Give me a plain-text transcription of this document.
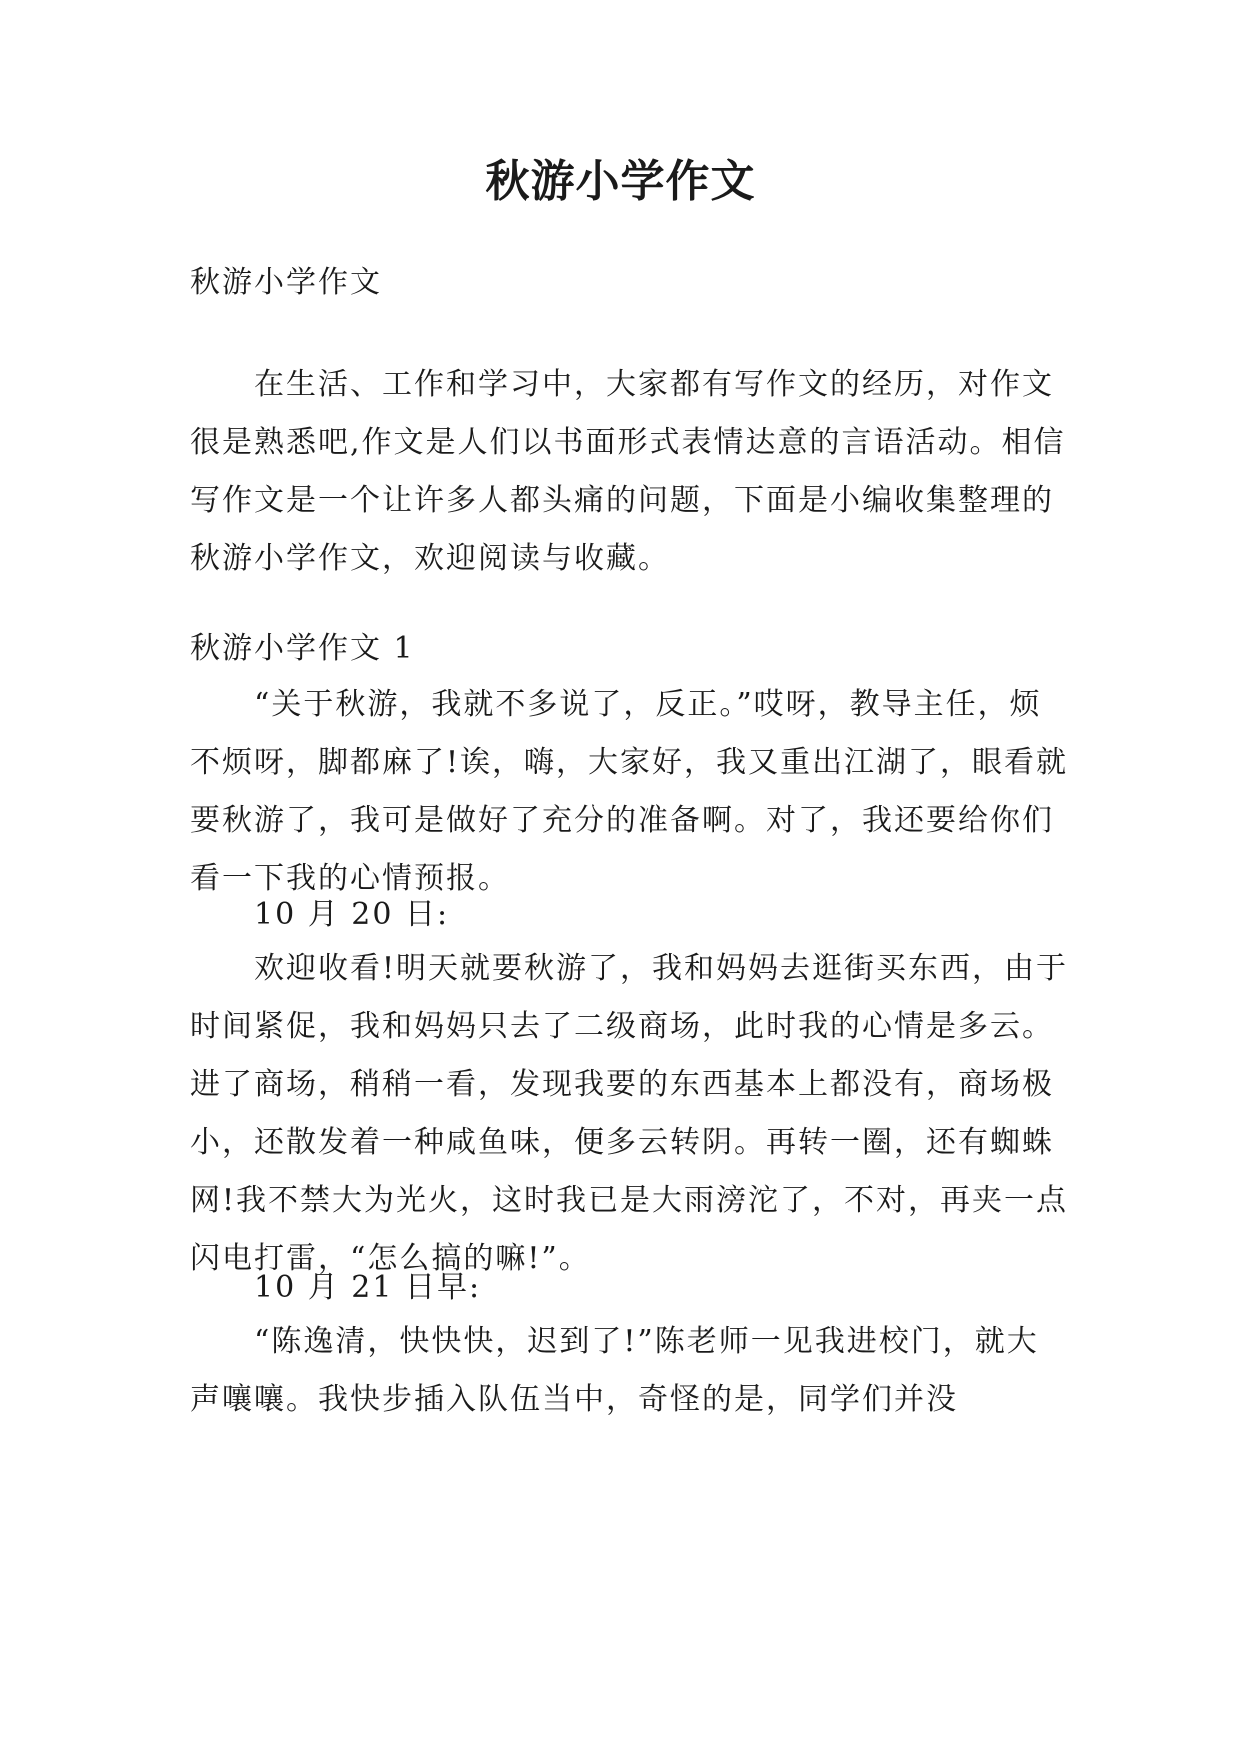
秋游小学作文
秋游小学作文

在生活、工作和学习中，大家都有写作文的经历，对作文很是熟悉吧,作文是人们以书面形式表情达意的言语活动。相信写作文是一个让许多人都头痛的问题，下面是小编收集整理的秋游小学作文，欢迎阅读与收藏。

秋游小学作文 1

“关于秋游，我就不多说了，反正。”哎呀，教导主任，烦不烦呀，脚都麻了!诶，嗨，大家好，我又重出江湖了，眼看就要秋游了，我可是做好了充分的准备啊。对了，我还要给你们看一下我的心情预报。

10 月 20 日:

欢迎收看!明天就要秋游了，我和妈妈去逛街买东西，由于时间紧促，我和妈妈只去了二级商场，此时我的心情是多云。进了商场，稍稍一看，发现我要的东西基本上都没有，商场极小，还散发着一种咸鱼味，便多云转阴。再转一圈，还有蜘蛛网!我不禁大为光火，这时我已是大雨滂沱了，不对，再夹一点闪电打雷，“怎么搞的嘛!”。

10 月 21 日早:

“陈逸清，快快快，迟到了!”陈老师一见我进校门，就大声嚷嚷。我快步插入队伍当中，奇怪的是，同学们并没
